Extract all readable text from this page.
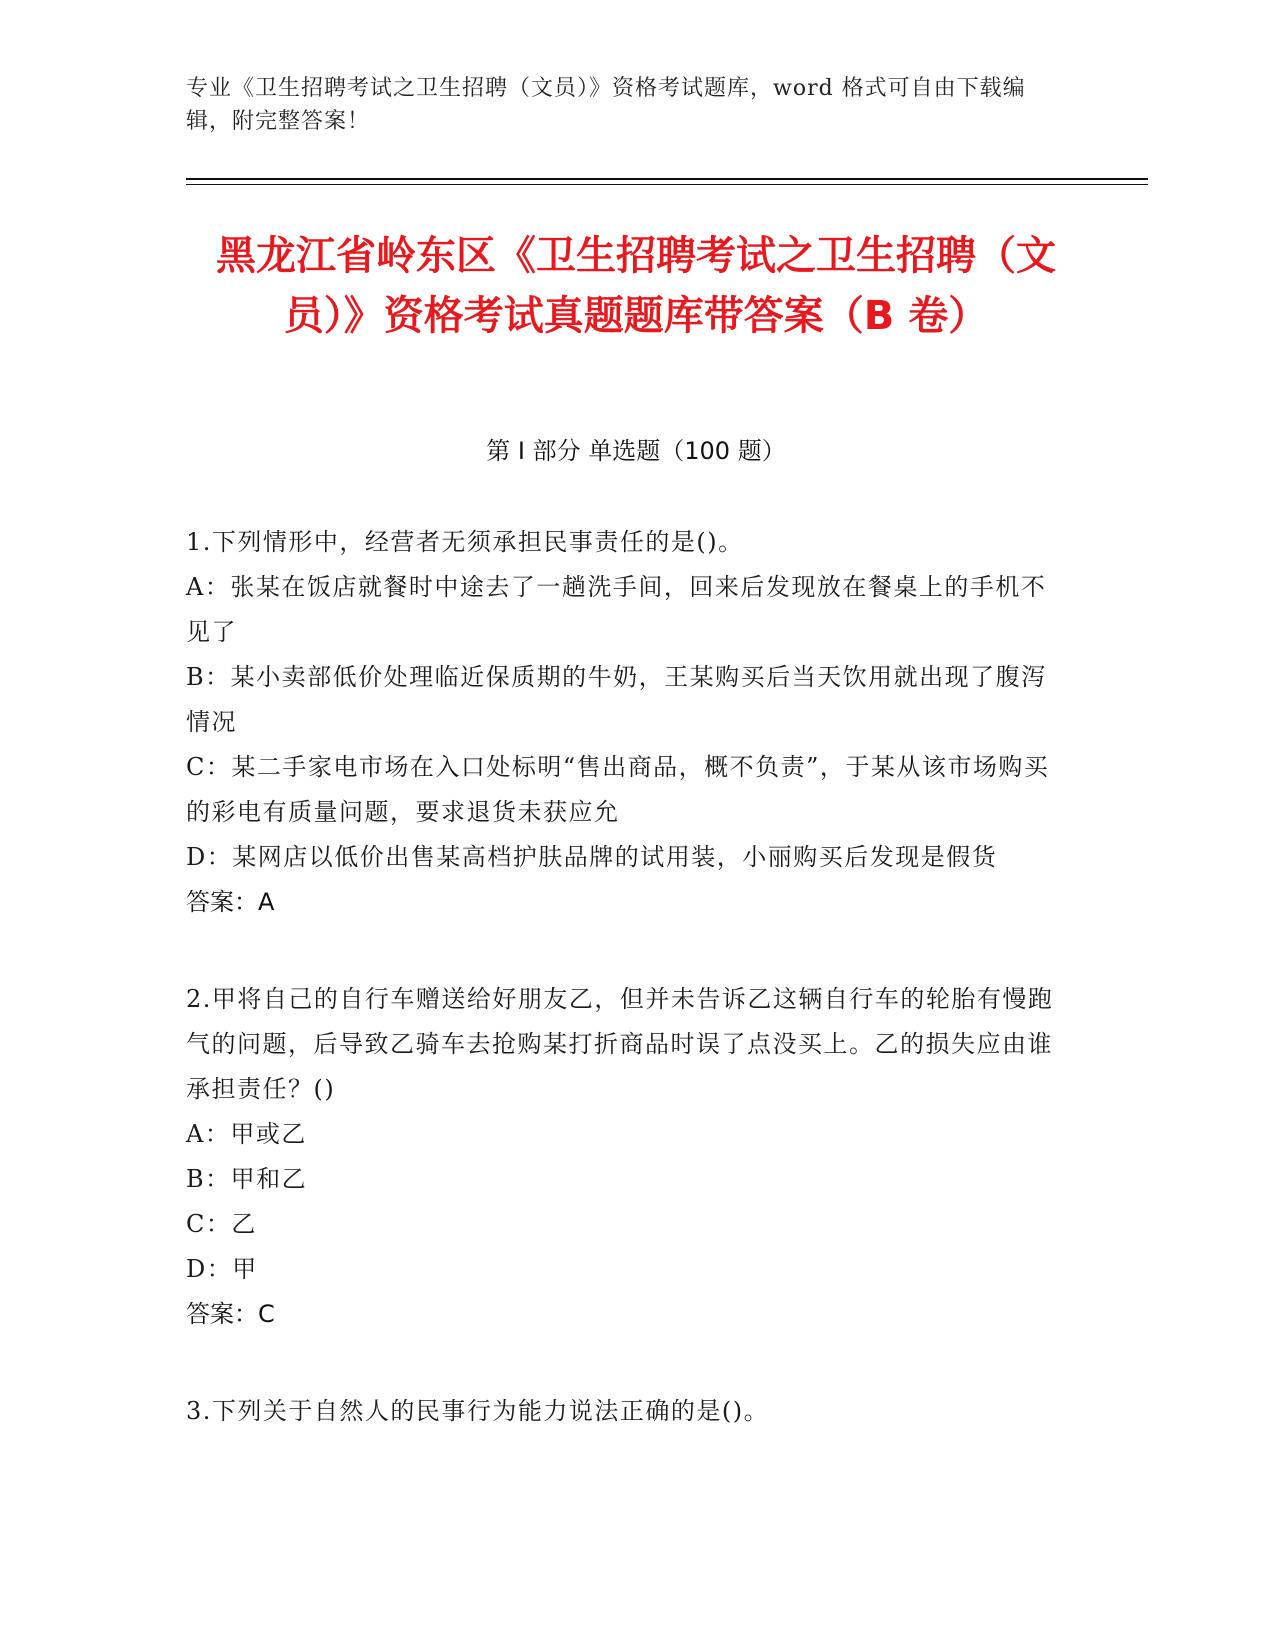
专业《卫生招聘考试之卫生招聘（文员）》资格考试题库，word 格式可自由下载编辑，附完整答案！
黑龙江省岭东区《卫生招聘考试之卫生招聘（文员）》资格考试真题题库带答案（B 卷）
第 I 部分 单选题（100 题）

1.下列情形中，经营者无须承担民事责任的是()。

A：张某在饭店就餐时中途去了一趟洗手间，回来后发现放在餐桌上的手机不见了

B：某小卖部低价处理临近保质期的牛奶，王某购买后当天饮用就出现了腹泻情况

C：某二手家电市场在入口处标明“售出商品，概不负责”，于某从该市场购买的彩电有质量问题，要求退货未获应允

D：某网店以低价出售某高档护肤品牌的试用装，小丽购买后发现是假货

答案：A

2.甲将自己的自行车赠送给好朋友乙，但并未告诉乙这辆自行车的轮胎有慢跑气的问题，后导致乙骑车去抢购某打折商品时误了点没买上。乙的损失应由谁承担责任？()

A：甲或乙

B：甲和乙

C：乙

D：甲

答案：C

3.下列关于自然人的民事行为能力说法正确的是()。
